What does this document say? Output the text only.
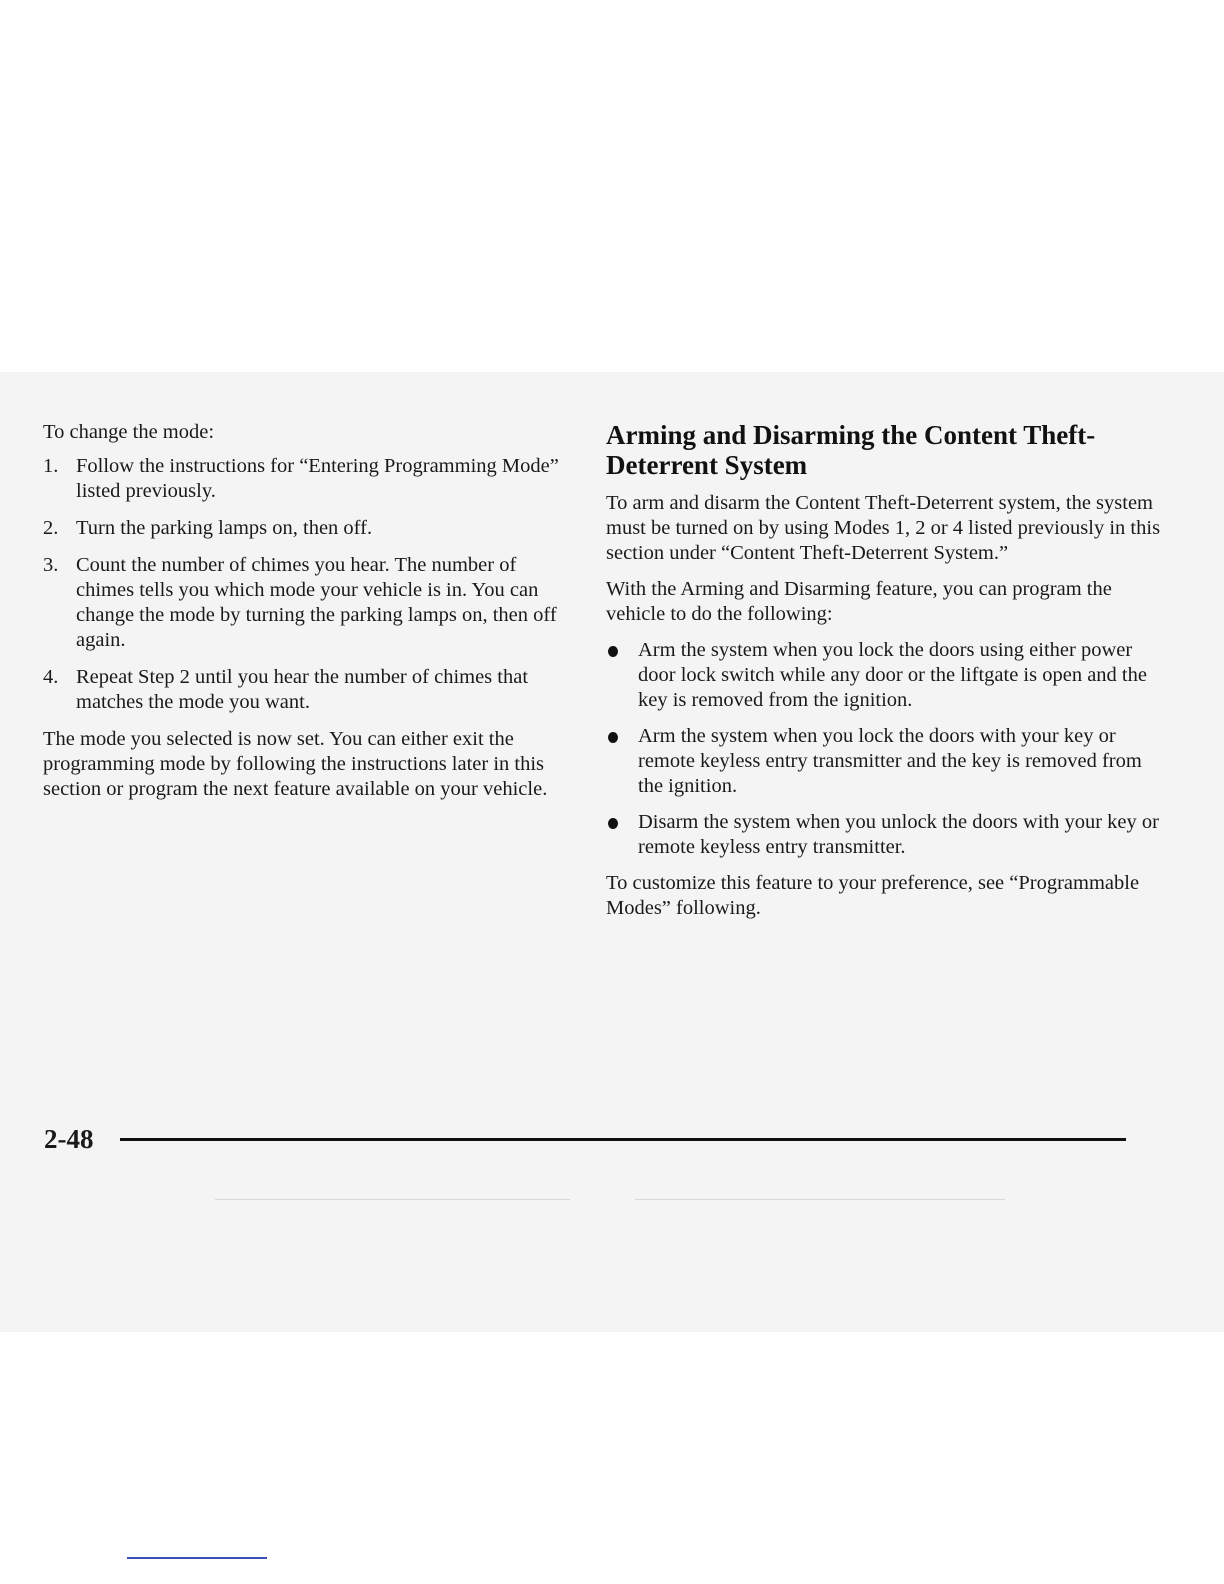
To change the mode:

1. Follow the instructions for “Entering Programming Mode” listed previously.
2. Turn the parking lamps on, then off.
3. Count the number of chimes you hear. The number of chimes tells you which mode your vehicle is in. You can change the mode by turning the parking lamps on, then off again.
4. Repeat Step 2 until you hear the number of chimes that matches the mode you want.

The mode you selected is now set. You can either exit the programming mode by following the instructions later in this section or program the next feature available on your vehicle.

Arming and Disarming the Content Theft-Deterrent System

To arm and disarm the Content Theft-Deterrent system, the system must be turned on by using Modes 1, 2 or 4 listed previously in this section under “Content Theft-Deterrent System.”

With the Arming and Disarming feature, you can program the vehicle to do the following:

Arm the system when you lock the doors using either power door lock switch while any door or the liftgate is open and the key is removed from the ignition.
Arm the system when you lock the doors with your key or remote keyless entry transmitter and the key is removed from the ignition.
Disarm the system when you unlock the doors with your key or remote keyless entry transmitter.

To customize this feature to your preference, see “Programmable Modes” following.

2-48
